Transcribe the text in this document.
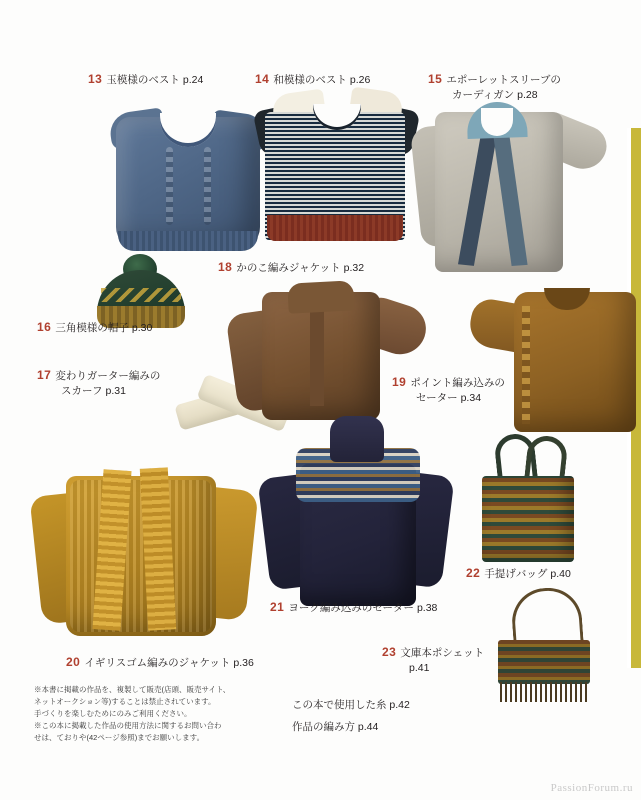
13 玉模様のベスト p.24	14 和模様のベスト p.26	15 エポーレットスリーブの
カーディガン p.28
16 三角模様の帽子 p.30
17 変わりガーター編みの
スカーフ p.31
18 かのこ編みジャケット p.32
19 ポイント編み込みの
セーター p.34
20 イギリスゴム編みのジャケット p.36
21 ヨーク編み込みのセーター p.38
22 手提げバッグ p.40
23 文庫本ポシェット
p.41
※本書に掲載の作品を、複製して販売(店頭、販売サイト、
ネットオークション等)することは禁止されています。
手づくりを楽しむためにのみご利用ください。
※この本に掲載した作品の使用方法に関するお問い合わ
せは、ておりや(42ページ参照)までお願いします。
この本で使用した糸 p.42
作品の編み方 p.44
PassionForum.ru
